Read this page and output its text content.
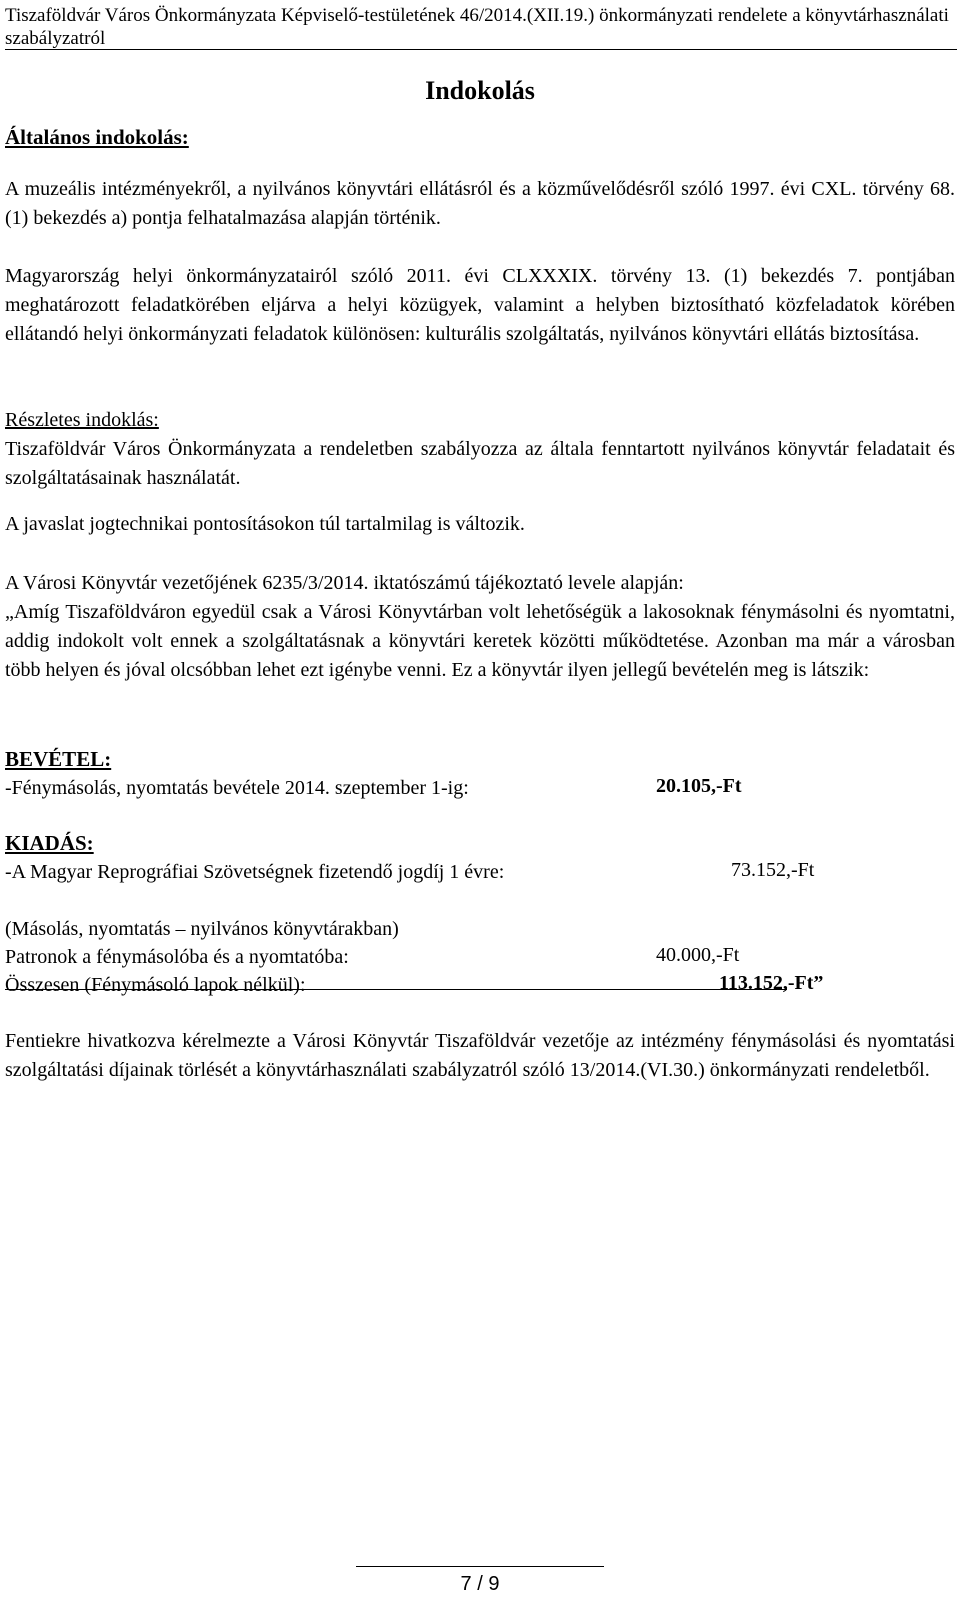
Tiszaföldvár Város Önkormányzata Képviselő-testületének 46/2014.(XII.19.) önkormányzati rendelete a könyvtárhasználati szabályzatról
Indokolás
Általános indokolás:
A muzeális intézményekről, a nyilvános könyvtári ellátásról és a közművelődésről szóló 1997. évi CXL. törvény 68. (1) bekezdés a) pontja felhatalmazása alapján történik.
Magyarország helyi önkormányzatairól szóló 2011. évi CLXXXIX. törvény 13. (1) bekezdés 7. pontjában meghatározott feladatkörében eljárva a helyi közügyek, valamint a helyben biztosítható közfeladatok körében ellátandó helyi önkormányzati feladatok különösen: kulturális szolgáltatás, nyilvános könyvtári ellátás biztosítása.
Részletes indoklás:
Tiszaföldvár Város Önkormányzata a rendeletben szabályozza az általa fenntartott nyilvános könyvtár feladatait és szolgáltatásainak használatát.
A javaslat jogtechnikai pontosításokon túl tartalmilag is változik.
A Városi Könyvtár vezetőjének 6235/3/2014. iktatószámú tájékoztató levele alapján:
„Amíg Tiszaföldváron egyedül csak a Városi Könyvtárban volt lehetőségük a lakosoknak fénymásolni és nyomtatni, addig indokolt volt ennek a szolgáltatásnak a könyvtári keretek közötti működtetése. Azonban ma már a városban több helyen és jóval olcsóbban lehet ezt igénybe venni. Ez a könyvtár ilyen jellegű bevételén meg is látszik:
BEVÉTEL:
-Fénymásolás, nyomtatás bevétele 2014. szeptember 1-ig:	20.105,-Ft
KIADÁS:
-A Magyar Reprográfiai Szövetségnek fizetendő jogdíj 1 évre:	73.152,-Ft
(Másolás, nyomtatás – nyilvános könyvtárakban)
Patronok a fénymásolóba és a nyomtatóba:	40.000,-Ft
Összesen (Fénymásoló lapok nélkül):	113.152,-Ft”
Fentiekre hivatkozva kérelmezte a Városi Könyvtár Tiszaföldvár vezetője az intézmény fénymásolási és nyomtatási szolgáltatási díjainak törlését a könyvtárhasználati szabályzatról szóló 13/2014.(VI.30.) önkormányzati rendeletből.
7 / 9
